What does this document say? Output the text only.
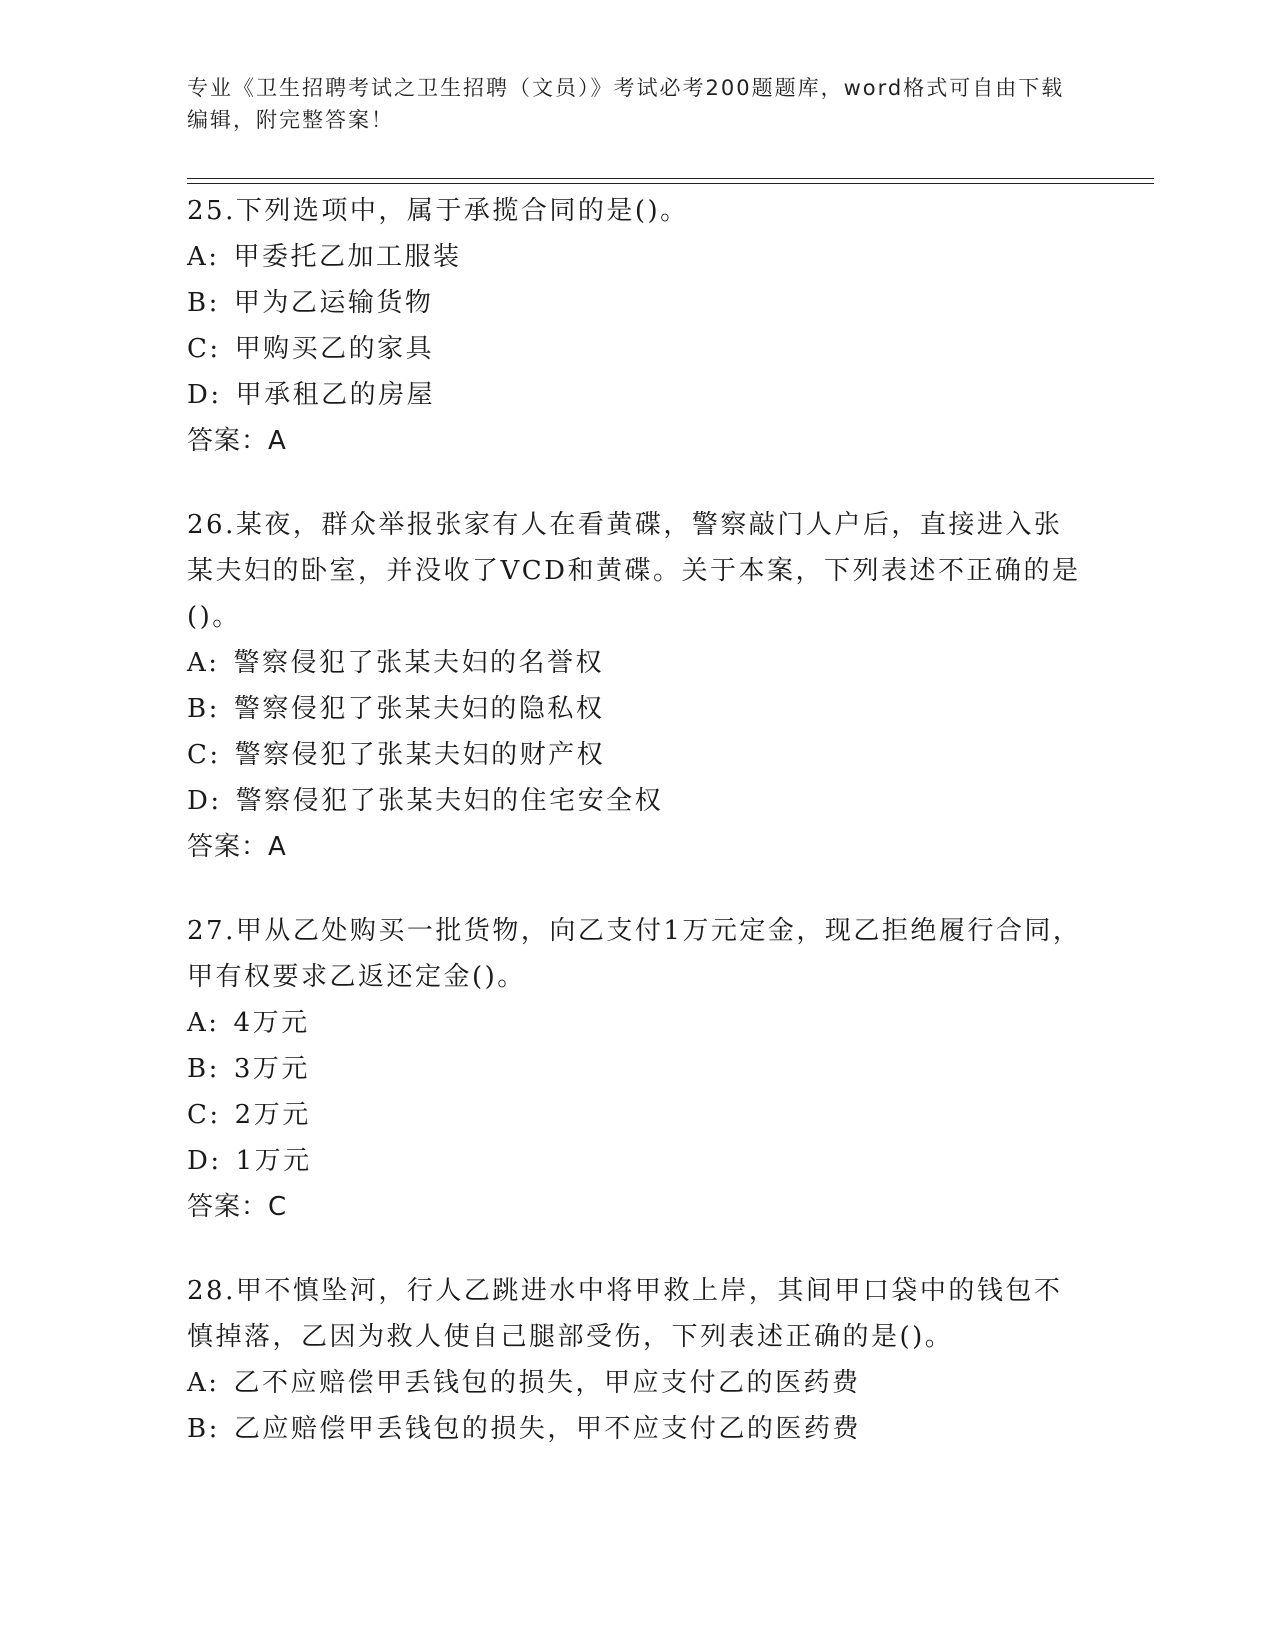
专业《卫生招聘考试之卫生招聘（文员）》考试必考200题题库，word格式可自由下载编辑，附完整答案！
25.下列选项中，属于承揽合同的是()。
A: 甲委托乙加工服装
B: 甲为乙运输货物
C: 甲购买乙的家具
D: 甲承租乙的房屋
答案：A
26.某夜，群众举报张家有人在看黄碟，警察敲门人户后，直接进入张某夫妇的卧室，并没收了VCD和黄碟。关于本案，下列表述不正确的是()。
A: 警察侵犯了张某夫妇的名誉权
B: 警察侵犯了张某夫妇的隐私权
C: 警察侵犯了张某夫妇的财产权
D: 警察侵犯了张某夫妇的住宅安全权
答案：A
27.甲从乙处购买一批货物，向乙支付1万元定金，现乙拒绝履行合同，甲有权要求乙返还定金()。
A: 4万元
B: 3万元
C: 2万元
D: 1万元
答案：C
28.甲不慎坠河，行人乙跳进水中将甲救上岸，其间甲口袋中的钱包不慎掉落，乙因为救人使自己腿部受伤，下列表述正确的是()。
A: 乙不应赔偿甲丢钱包的损失，甲应支付乙的医药费
B: 乙应赔偿甲丢钱包的损失，甲不应支付乙的医药费
